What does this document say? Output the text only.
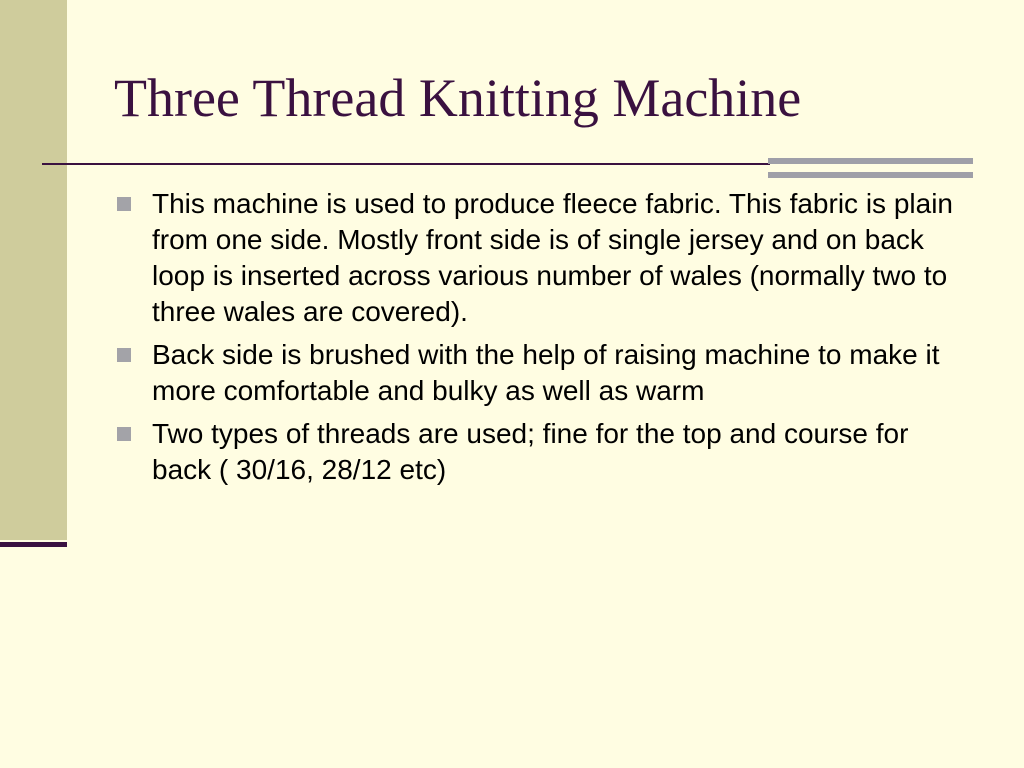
Three Thread Knitting Machine
This machine is used to produce fleece fabric. This fabric is plain from one side. Mostly front side is of single jersey and on back loop is inserted across various number of wales (normally two to three wales are covered).
Back side is brushed with the help of raising machine to make it more comfortable and bulky as well as warm
Two types of threads are used; fine for the top and course for back ( 30/16, 28/12 etc)
